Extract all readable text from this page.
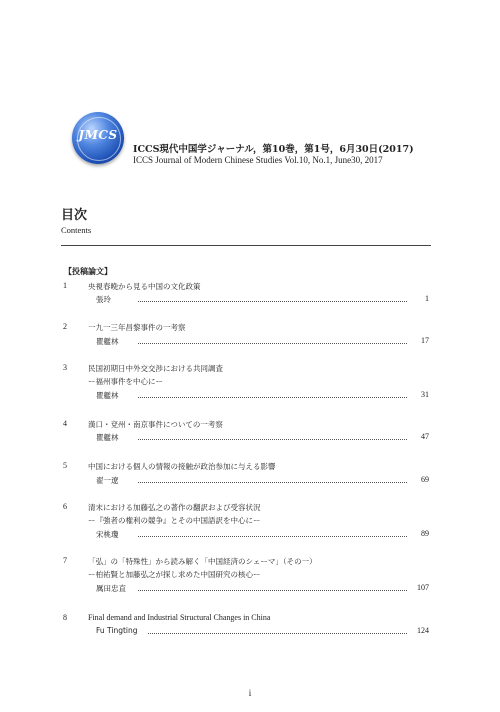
JMCS
ICCS現代中国学ジャーナル，第10巻，第1号，6月30日(2017)
ICCS Journal of Modern Chinese Studies Vol.10, No.1, June30, 2017
目次
Contents
【投稿論文】
1	央視春晩から見る中国の文化政策
張玲	1
2	一九一三年昌黎事件の一考察
瞿艦林	17
3	民国初期日中外交交渉における共同調査
ー福州事件を中心にー
瞿艦林	31
4	漢口・兗州・南京事件についての一考察
瞿艦林	47
5	中国における個人の情報の接触が政治参加に与える影響
翟一遼	69
6	清末における加藤弘之の著作の翻訳および受容状況
ー『強者の権利の競争』とその中国語訳を中心にー
宋桃瓊	89
7	「弘」の「特殊性」から読み解く「中国経済のシェーマ」（その一）
ー柏祐賢と加藤弘之が探し求めた中国研究の核心ー
厲田忠直	107
8	Final demand and Industrial Structural Changes in China
Fu Tingting	124
i
